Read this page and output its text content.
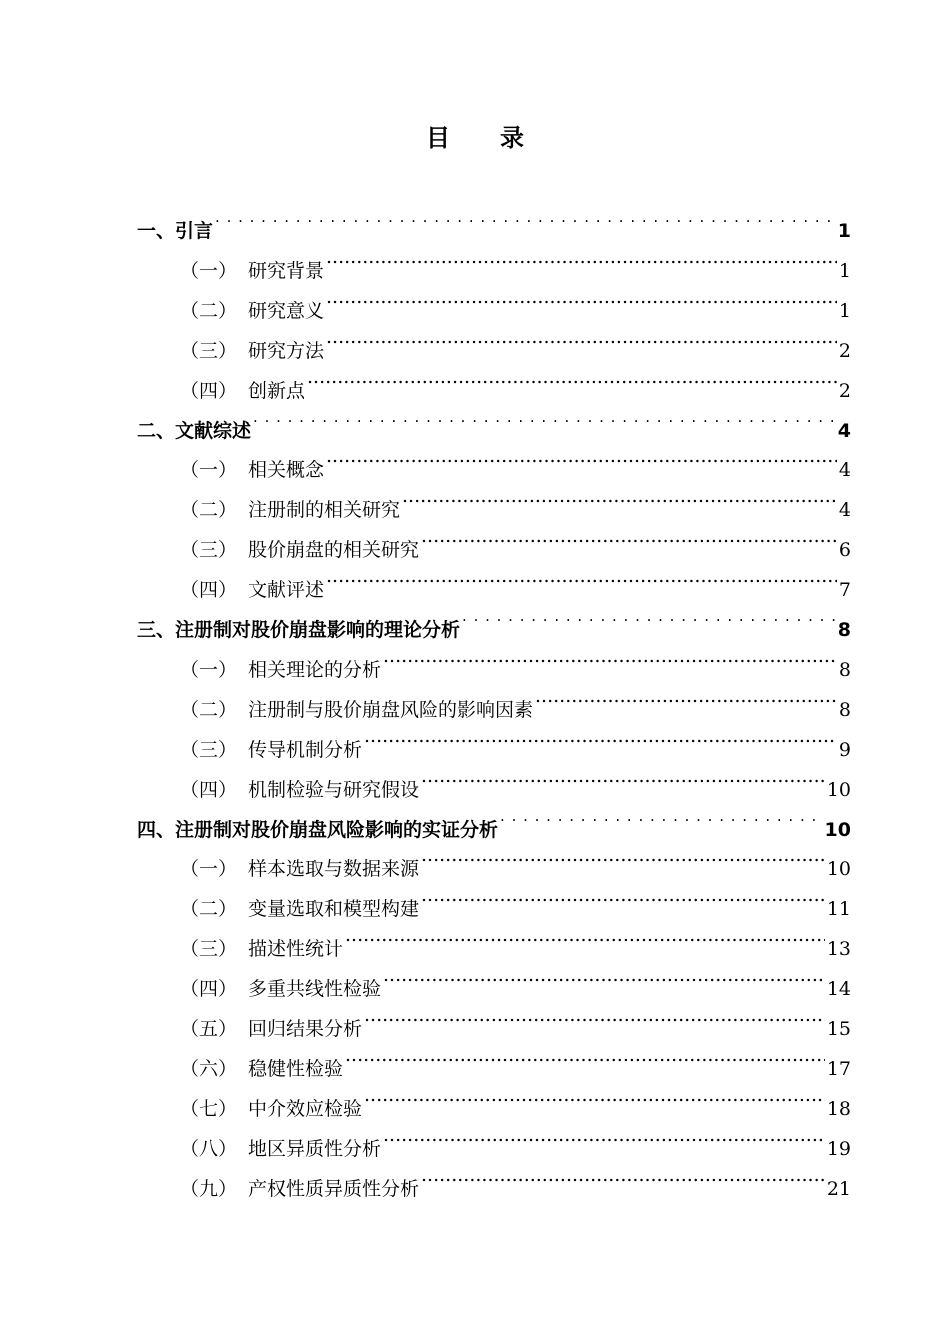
目 录
一、 引言 . . .	1
（一） 研究背景 .....	1
（二） 研究意义 .....	1
（三） 研究方法 .....	2
（四） 创新点 .....	2
二、 文献综述 . . .	4
（一） 相关概念 .....	4
（二） 注册制的相关研究 .....	4
（三） 股价崩盘的相关研究 .....	6
（四） 文献评述 .....	7
三、 注册制对股价崩盘影响的理论分析 . . .	8
（一） 相关理论的分析 .....	8
（二） 注册制与股价崩盘风险的影响因素 .....	8
（三） 传导机制分析 .....	9
（四） 机制检验与研究假设 .....	10
四、 注册制对股价崩盘风险影响的实证分析 . . .	10
（一） 样本选取与数据来源 .....	10
（二） 变量选取和模型构建 .....	11
（三） 描述性统计 .....	13
（四） 多重共线性检验 .....	14
（五） 回归结果分析 .....	15
（六） 稳健性检验 .....	17
（七） 中介效应检验 .....	18
（八） 地区异质性分析 .....	19
（九） 产权性质异质性分析 .....	21
